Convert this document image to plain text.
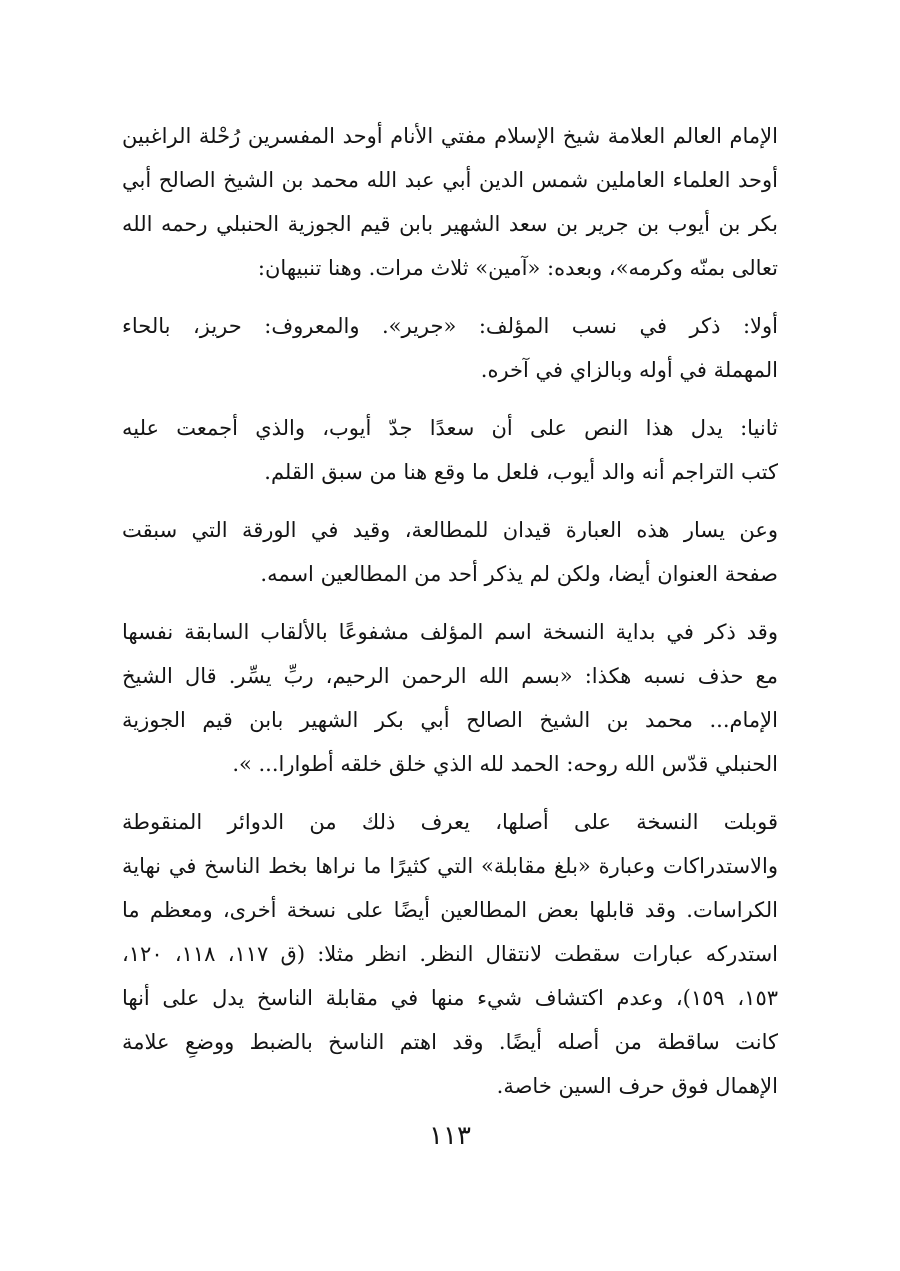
الإمام العالم العلامة شيخ الإسلام مفتي الأنام أوحد المفسرين رُحْلة الراغبين
أوحد العلماء العاملين شمس الدين أبي عبد الله محمد بن الشيخ الصالح أبي
بكر بن أيوب بن جرير بن سعد الشهير بابن قيم الجوزية الحنبلي رحمه الله
تعالى بمنّه وكرمه»، وبعده: «آمين» ثلاث مرات. وهنا تنبيهان:
أولا: ذكر في نسب المؤلف: «جرير». والمعروف: حريز، بالحاء
المهملة في أوله وبالزاي في آخره.
ثانيا: يدل هذا النص على أن سعدًا جدّ أيوب، والذي أجمعت عليه
كتب التراجم أنه والد أيوب، فلعل ما وقع هنا من سبق القلم.
وعن يسار هذه العبارة قيدان للمطالعة، وقيد في الورقة التي سبقت
صفحة العنوان أيضا، ولكن لم يذكر أحد من المطالعين اسمه.
وقد ذكر في بداية النسخة اسم المؤلف مشفوعًا بالألقاب السابقة نفسها
مع حذف نسبه هكذا: «بسم الله الرحمن الرحيم، ربِّ يسِّر. قال الشيخ
الإمام... محمد بن الشيخ الصالح أبي بكر الشهير بابن قيم الجوزية
الحنبلي قدّس الله روحه: الحمد لله الذي خلق خلقه أطوارا... ».
قوبلت النسخة على أصلها، يعرف ذلك من الدوائر المنقوطة
والاستدراكات وعبارة «بلغ مقابلة» التي كثيرًا ما نراها بخط الناسخ في نهاية
الكراسات. وقد قابلها بعض المطالعين أيضًا على نسخة أخرى، ومعظم ما
استدركه عبارات سقطت لانتقال النظر. انظر مثلا: (ق ١١٧، ١١٨، ١٢٠،
١٥٣، ١٥٩)، وعدم اكتشاف شيء منها في مقابلة الناسخ يدل على أنها
كانت ساقطة من أصله أيضًا. وقد اهتم الناسخ بالضبط ووضعِ علامة
الإهمال فوق حرف السين خاصة.
١١٣
